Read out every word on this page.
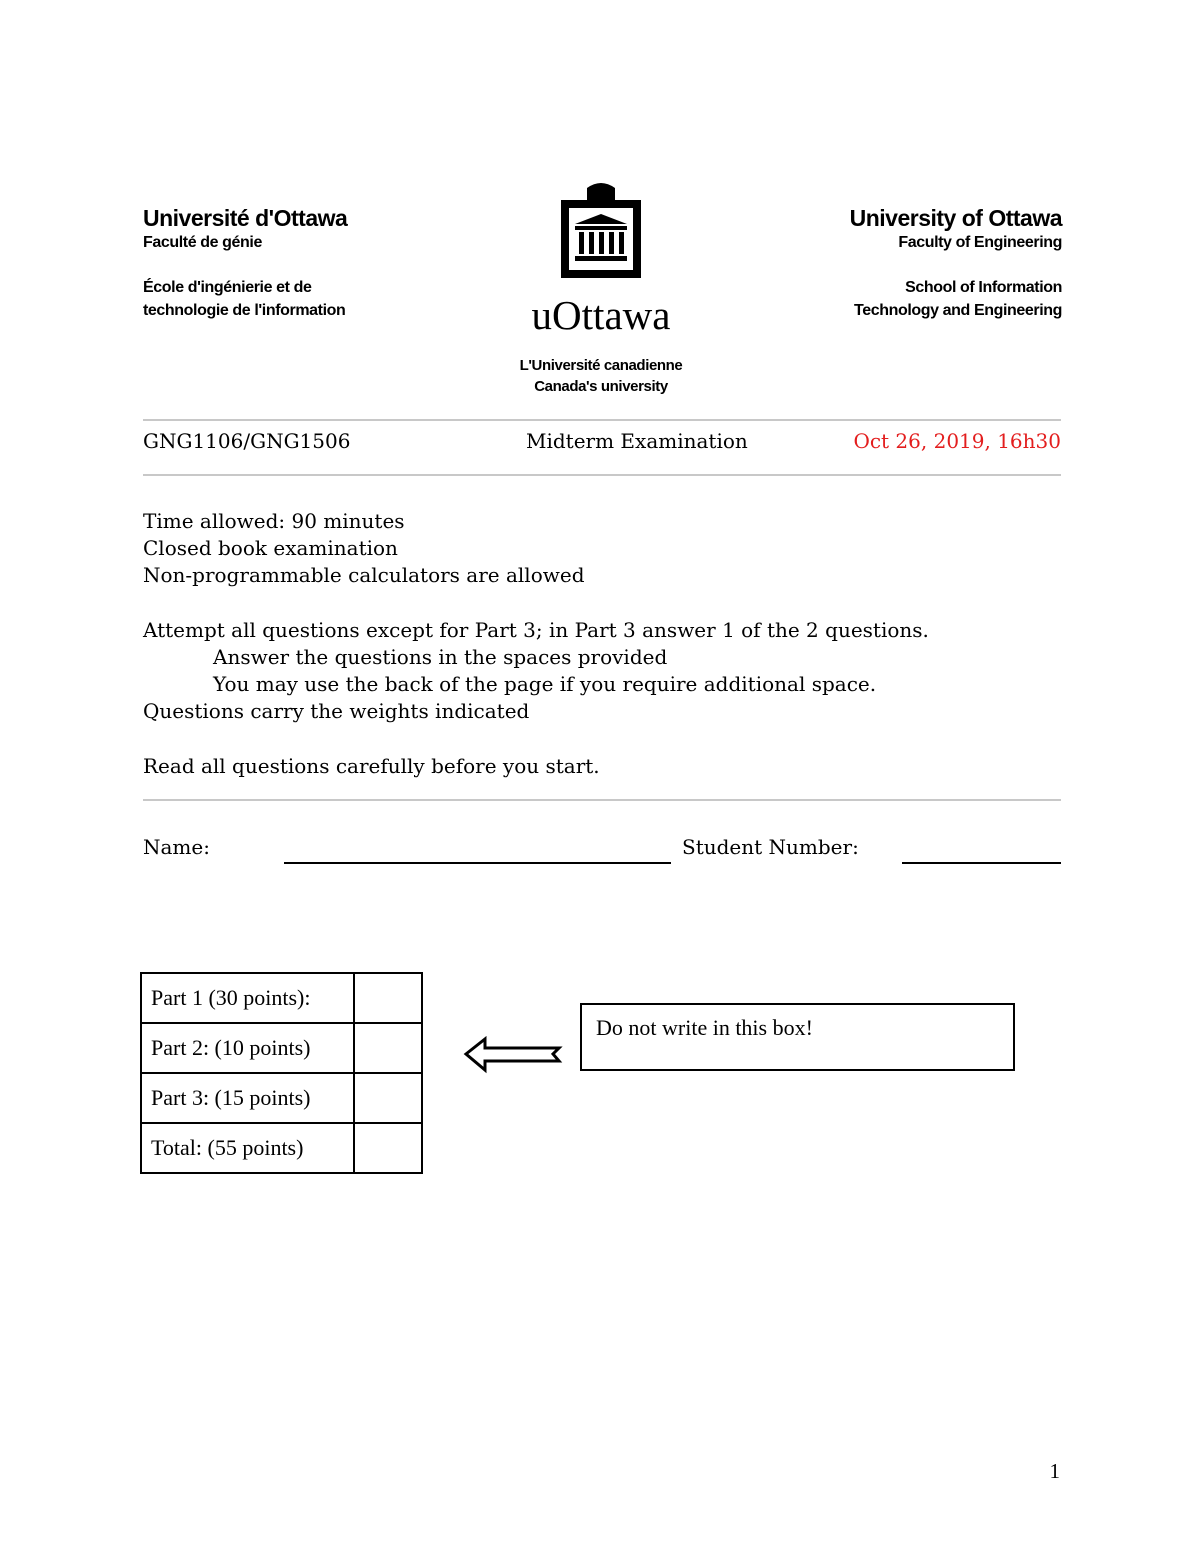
Université d'Ottawa
Faculté de génie
École d'ingénierie et de
technologie de l'information	uOttawa
L'Université canadienne
Canada's university
University of Ottawa
Faculty of Engineering
School of Information
Technology and Engineering
GNG1106/GNG1506	Midterm Examination	Oct 26, 2019, 16h30
Time allowed: 90 minutes
Closed book examination
Non-programmable calculators are allowed
Attempt all questions except for Part 3; in Part 3 answer 1 of the 2 questions.
Answer the questions in the spaces provided
You may use the back of the page if you require additional space.
Questions carry the weights indicated
Read all questions carefully before you start.
Name:	Student Number:
Part 1 (30 points):	
Part 2: (10 points)	
Part 3: (15 points)	
Total: (55 points)	
Do not write in this box!
1
